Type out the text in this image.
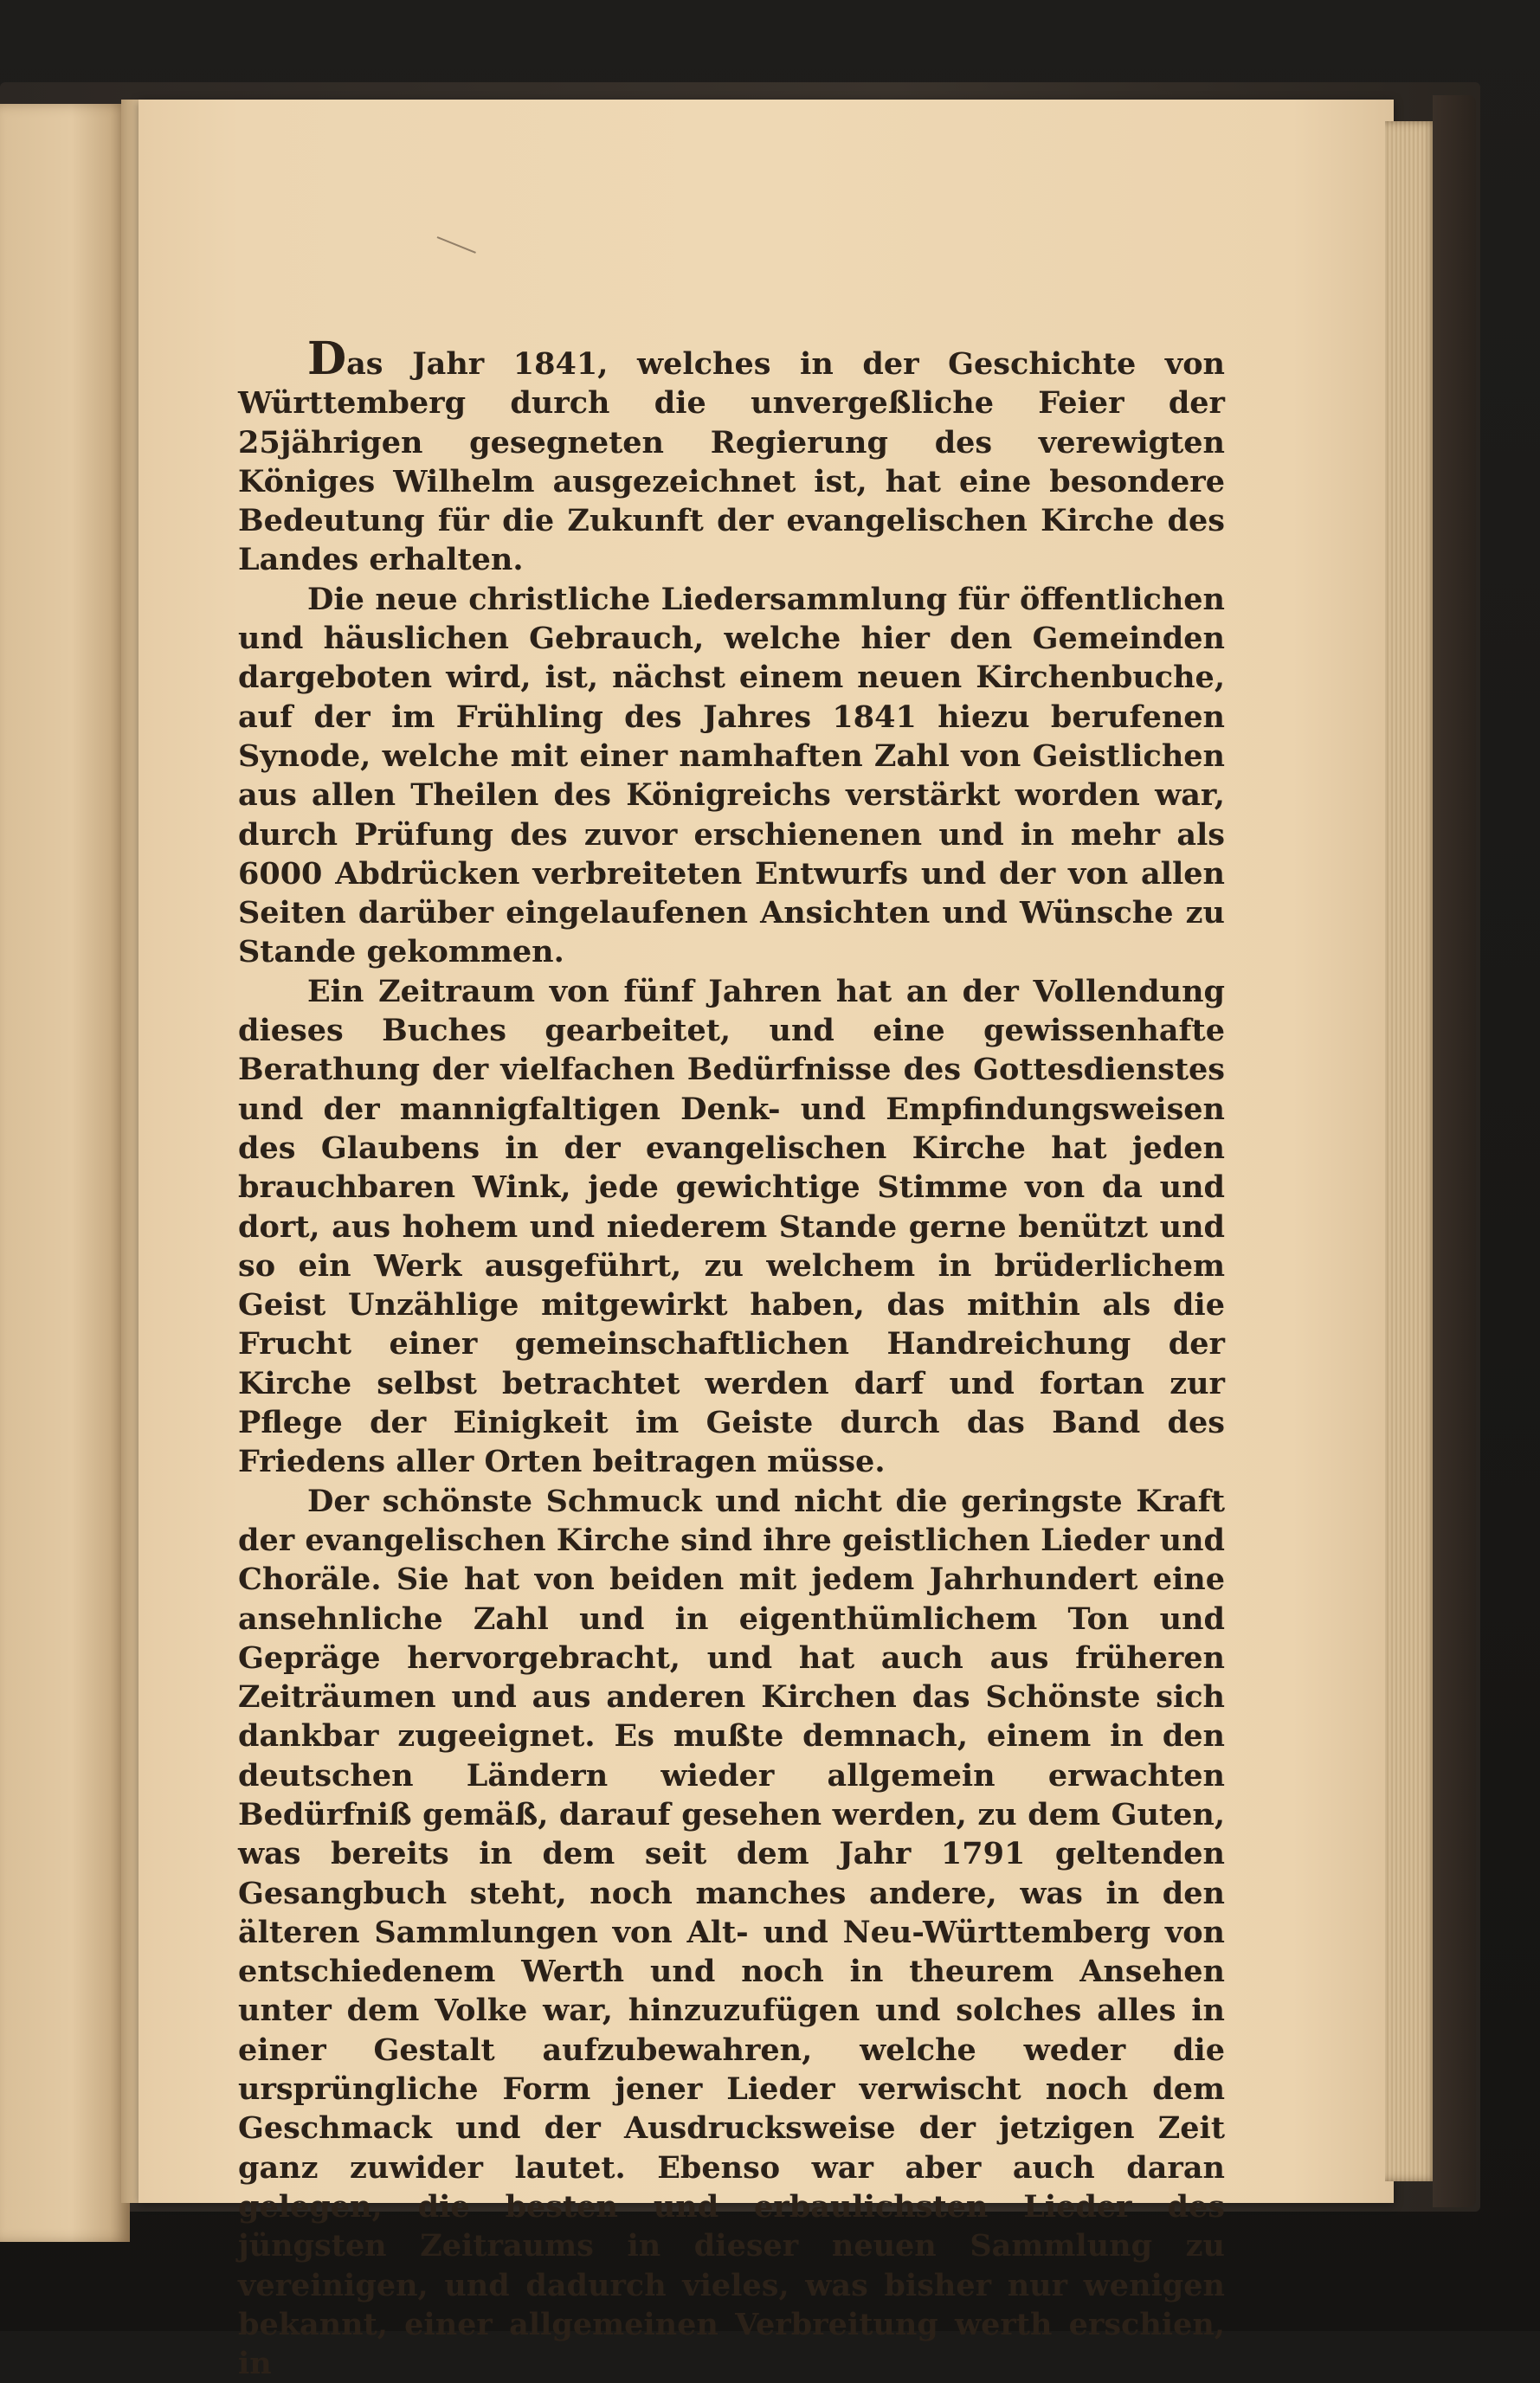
Das Jahr 1841, welches in der Geschichte von Württemberg durch die unvergeßliche Feier der 25jährigen gesegneten Regierung des verewigten Königes Wilhelm ausgezeichnet ist, hat eine besondere Bedeutung für die Zukunft der evangelischen Kirche des Landes erhalten.

Die neue christliche Liedersammlung für öffentlichen und häuslichen Gebrauch, welche hier den Gemeinden dargeboten wird, ist, nächst einem neuen Kirchenbuche, auf der im Frühling des Jahres 1841 hiezu berufenen Synode, welche mit einer namhaften Zahl von Geistlichen aus allen Theilen des Königreichs verstärkt worden war, durch Prüfung des zuvor erschienenen und in mehr als 6000 Abdrücken verbreiteten Entwurfs und der von allen Seiten darüber eingelaufenen Ansichten und Wünsche zu Stande gekommen.

Ein Zeitraum von fünf Jahren hat an der Vollendung dieses Buches gearbeitet, und eine gewissenhafte Berathung der vielfachen Bedürfnisse des Gottesdienstes und der mannigfaltigen Denk- und Empfindungsweisen des Glaubens in der evangelischen Kirche hat jeden brauchbaren Wink, jede gewichtige Stimme von da und dort, aus hohem und niederem Stande gerne benützt und so ein Werk ausgeführt, zu welchem in brüderlichem Geist Unzählige mitgewirkt haben, das mithin als die Frucht einer gemeinschaftlichen Handreichung der Kirche selbst betrachtet werden darf und fortan zur Pflege der Einigkeit im Geiste durch das Band des Friedens aller Orten beitragen müsse.

Der schönste Schmuck und nicht die geringste Kraft der evangelischen Kirche sind ihre geistlichen Lieder und Choräle. Sie hat von beiden mit jedem Jahrhundert eine ansehnliche Zahl und in eigenthümlichem Ton und Gepräge hervorgebracht, und hat auch aus früheren Zeiträumen und aus anderen Kirchen das Schönste sich dankbar zugeeignet. Es mußte demnach, einem in den deutschen Ländern wieder allgemein erwachten Bedürfniß gemäß, darauf gesehen werden, zu dem Guten, was bereits in dem seit dem Jahr 1791 geltenden Gesangbuch steht, noch manches andere, was in den älteren Sammlungen von Alt- und Neu-Württemberg von entschiedenem Werth und noch in theurem Ansehen unter dem Volke war, hinzuzufügen und solches alles in einer Gestalt aufzubewahren, welche weder die ursprüngliche Form jener Lieder verwischt noch dem Geschmack und der Ausdrucksweise der jetzigen Zeit ganz zuwider lautet. Ebenso war aber auch daran gelegen, die besten und erbaulichsten Lieder des jüngsten Zeitraums in dieser neuen Sammlung zu vereinigen, und dadurch vieles, was bisher nur wenigen bekannt, einer allgemeinen Verbreitung werth erschien, in
